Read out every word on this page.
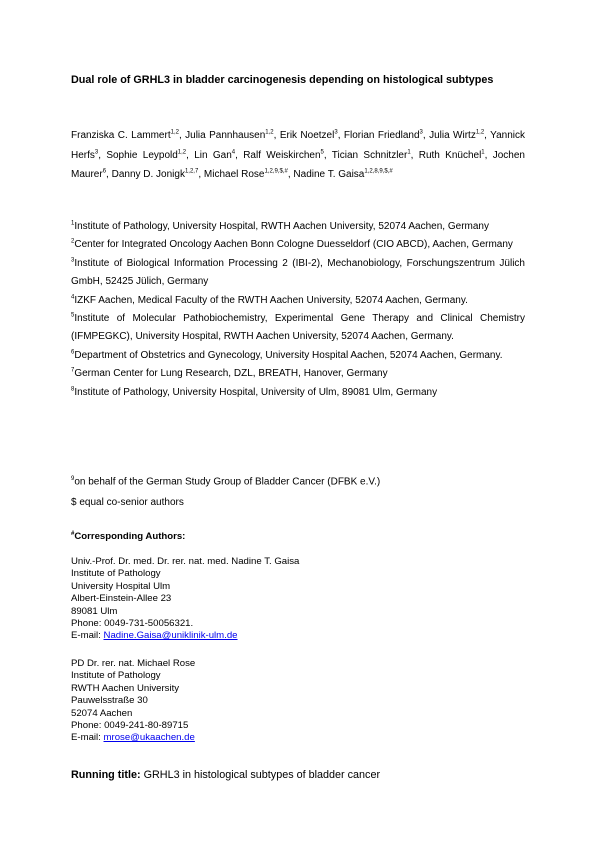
Dual role of GRHL3 in bladder carcinogenesis depending on histological subtypes
Franziska C. Lammert$^{1,2}$, Julia Pannhausen$^{1,2}$, Erik Noetzel$^3$, Florian Friedland$^3$, Julia Wirtz$^{1,2}$, Yannick Herfs$^3$, Sophie Leypold$^{1,2}$, Lin Gan$^4$, Ralf Weiskirchen$^5$, Tician Schnitzler$^1$, Ruth Knüchel$^1$, Jochen Maurer$^6$, Danny D. Jonigk$^{1,2,7}$, Michael Rose$^{1,2,9,\$,\#}$, Nadine T. Gaisa$^{1,2,8,9,\$,\#}$

$^1$Institute of Pathology, University Hospital, RWTH Aachen University, 52074 Aachen, Germany

$^2$Center for Integrated Oncology Aachen Bonn Cologne Duesseldorf (CIO ABCD), Aachen, Germany

$^3$Institute of Biological Information Processing 2 (IBI-2), Mechanobiology, Forschungszentrum Jülich GmbH, 52425 Jülich, Germany

$^4$IZKF Aachen, Medical Faculty of the RWTH Aachen University, 52074 Aachen, Germany.

$^5$Institute of Molecular Pathobiochemistry, Experimental Gene Therapy and Clinical Chemistry (IFMPEGKC), University Hospital, RWTH Aachen University, 52074 Aachen, Germany.

$^6$Department of Obstetrics and Gynecology, University Hospital Aachen, 52074 Aachen, Germany.

$^7$German Center for Lung Research, DZL, BREATH, Hanover, Germany

$^8$Institute of Pathology, University Hospital, University of Ulm, 89081 Ulm, Germany

$^9$on behalf of the German Study Group of Bladder Cancer (DFBK e.V.)
$ equal co-senior authors
#Corresponding Authors:
Univ.-Prof. Dr. med. Dr. rer. nat. med. Nadine T. Gaisa
Institute of Pathology
University Hospital Ulm
Albert-Einstein-Allee 23
89081 Ulm
Phone: 0049-731-50056321.
E-mail: Nadine.Gaisa@uniklinik-ulm.de
PD Dr. rer. nat. Michael Rose
Institute of Pathology
RWTH Aachen University
Pauwelsstraße 30
52074 Aachen
Phone: 0049-241-80-89715
E-mail: mrose@ukaachen.de
Running title: GRHL3 in histological subtypes of bladder cancer
